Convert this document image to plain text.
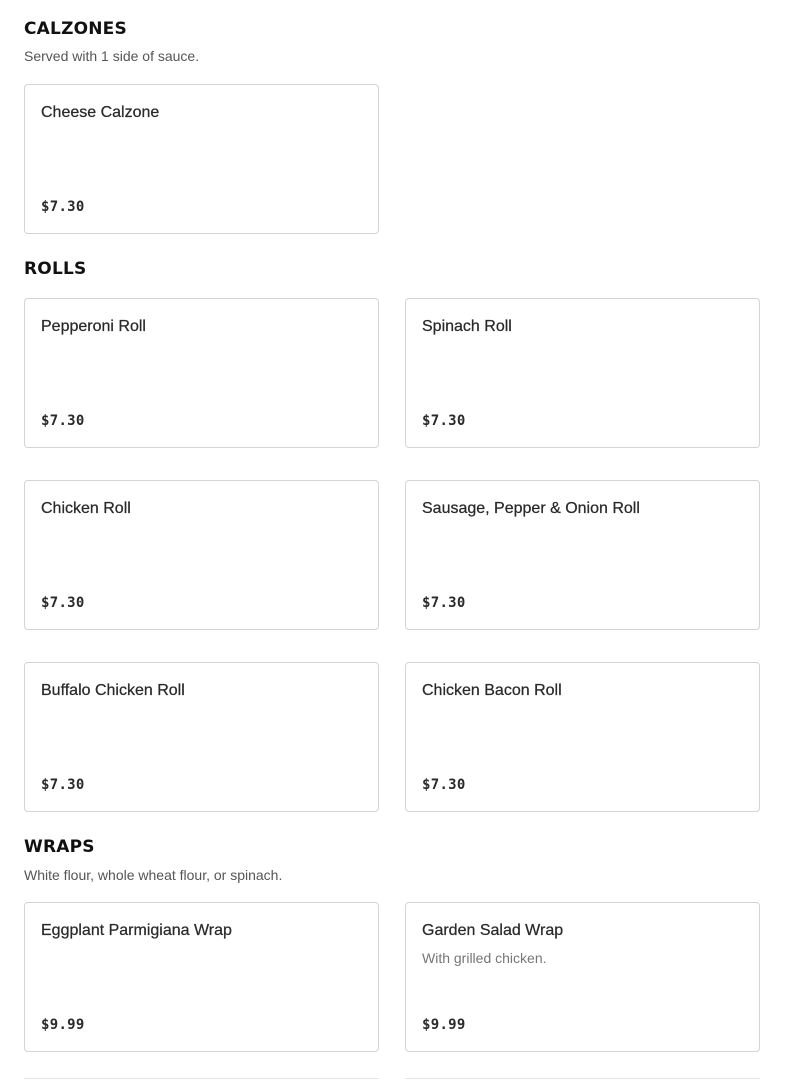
CALZONES

Served with 1 side of sauce.

Cheese Calzone
$7.30
ROLLS
Pepperoni Roll
$7.30
Spinach Roll
$7.30
Chicken Roll
$7.30
Sausage, Pepper & Onion Roll
$7.30
Buffalo Chicken Roll
$7.30
Chicken Bacon Roll
$7.30
WRAPS

White flour, whole wheat flour, or spinach.

Eggplant Parmigiana Wrap
$9.99
Garden Salad Wrap
With grilled chicken.
$9.99
